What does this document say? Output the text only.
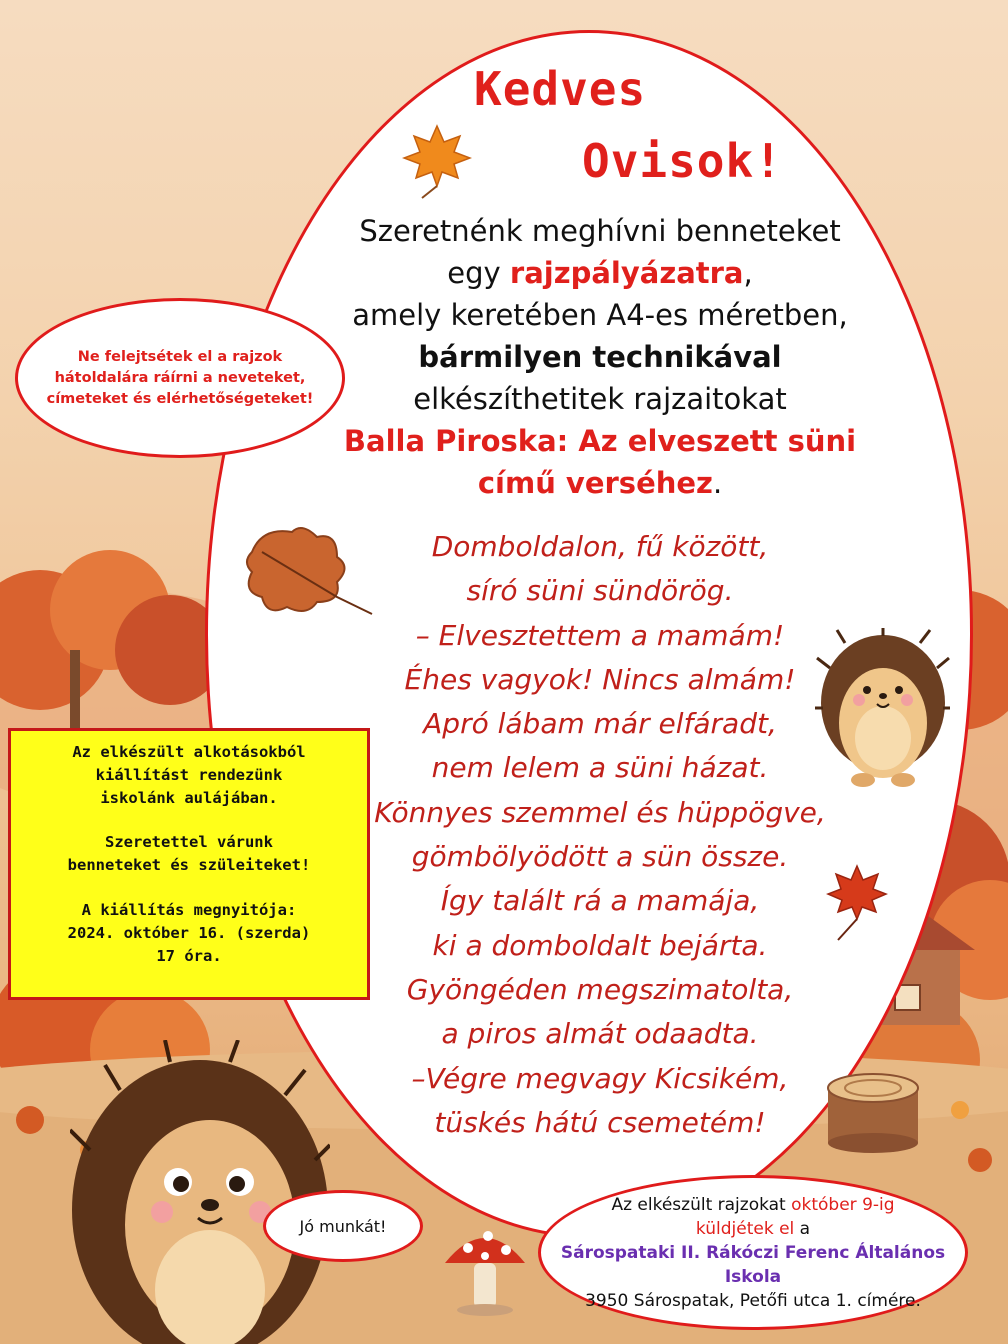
Kedves
Ovisok!
Szeretnénk meghívni benneteket
egy rajzpályázatra,
amely keretében A4-es méretben,
bármilyen technikával
elkészíthetitek rajzaitokat
Balla Piroska: Az elveszett süni
című verséhez.
Domboldalon, fű között,
síró süni sündörög.
– Elvesztettem a mamám!
Éhes vagyok! Nincs almám!
Apró lábam már elfáradt,
nem lelem a süni házat.
Könnyes szemmel és hüppögve,
gömbölyödött a sün össze.
Így talált rá a mamája,
ki a domboldalt bejárta.
Gyöngéden megszimatolta,
a piros almát odaadta.
–Végre megvagy Kicsikém,
tüskés hátú csemetém!
Ne felejtsétek el a rajzok
hátoldalára ráírni a neveteket,
címeteket és elérhetőségeteket!
Az elkészült alkotásokból
kiállítást rendezünk
iskolánk aulájában.
Szeretettel várunk
benneteket és szüleiteket!
A kiállítás megnyitója:
2024. október 16. (szerda)
17 óra.
Jó munkát!
Az elkészült rajzokat október 9-ig
küldjétek el a
Sárospataki II. Rákóczi Ferenc Általános Iskola
3950 Sárospatak, Petőfi utca 1. címére.
